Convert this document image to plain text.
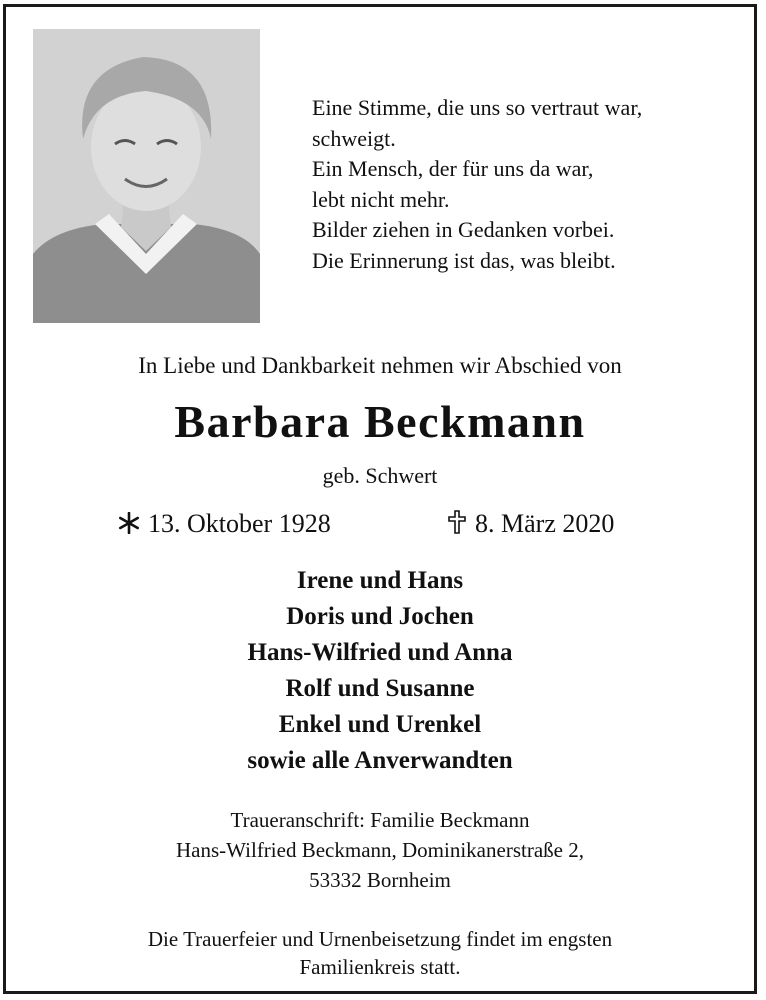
Eine Stimme, die uns so vertraut war,
schweigt.
Ein Mensch, der für uns da war,
lebt nicht mehr.
Bilder ziehen in Gedanken vorbei.
Die Erinnerung ist das, was bleibt.
In Liebe und Dankbarkeit nehmen wir Abschied von
Barbara Beckmann
geb. Schwert
13. Oktober 1928	8. März 2020
Irene und Hans
Doris und Jochen
Hans-Wilfried und Anna
Rolf und Susanne
Enkel und Urenkel
sowie alle Anverwandten
Traueranschrift: Familie Beckmann
Hans-Wilfried Beckmann, Dominikanerstraße 2,
53332 Bornheim
Die Trauerfeier und Urnenbeisetzung findet im engsten
Familienkreis statt.
